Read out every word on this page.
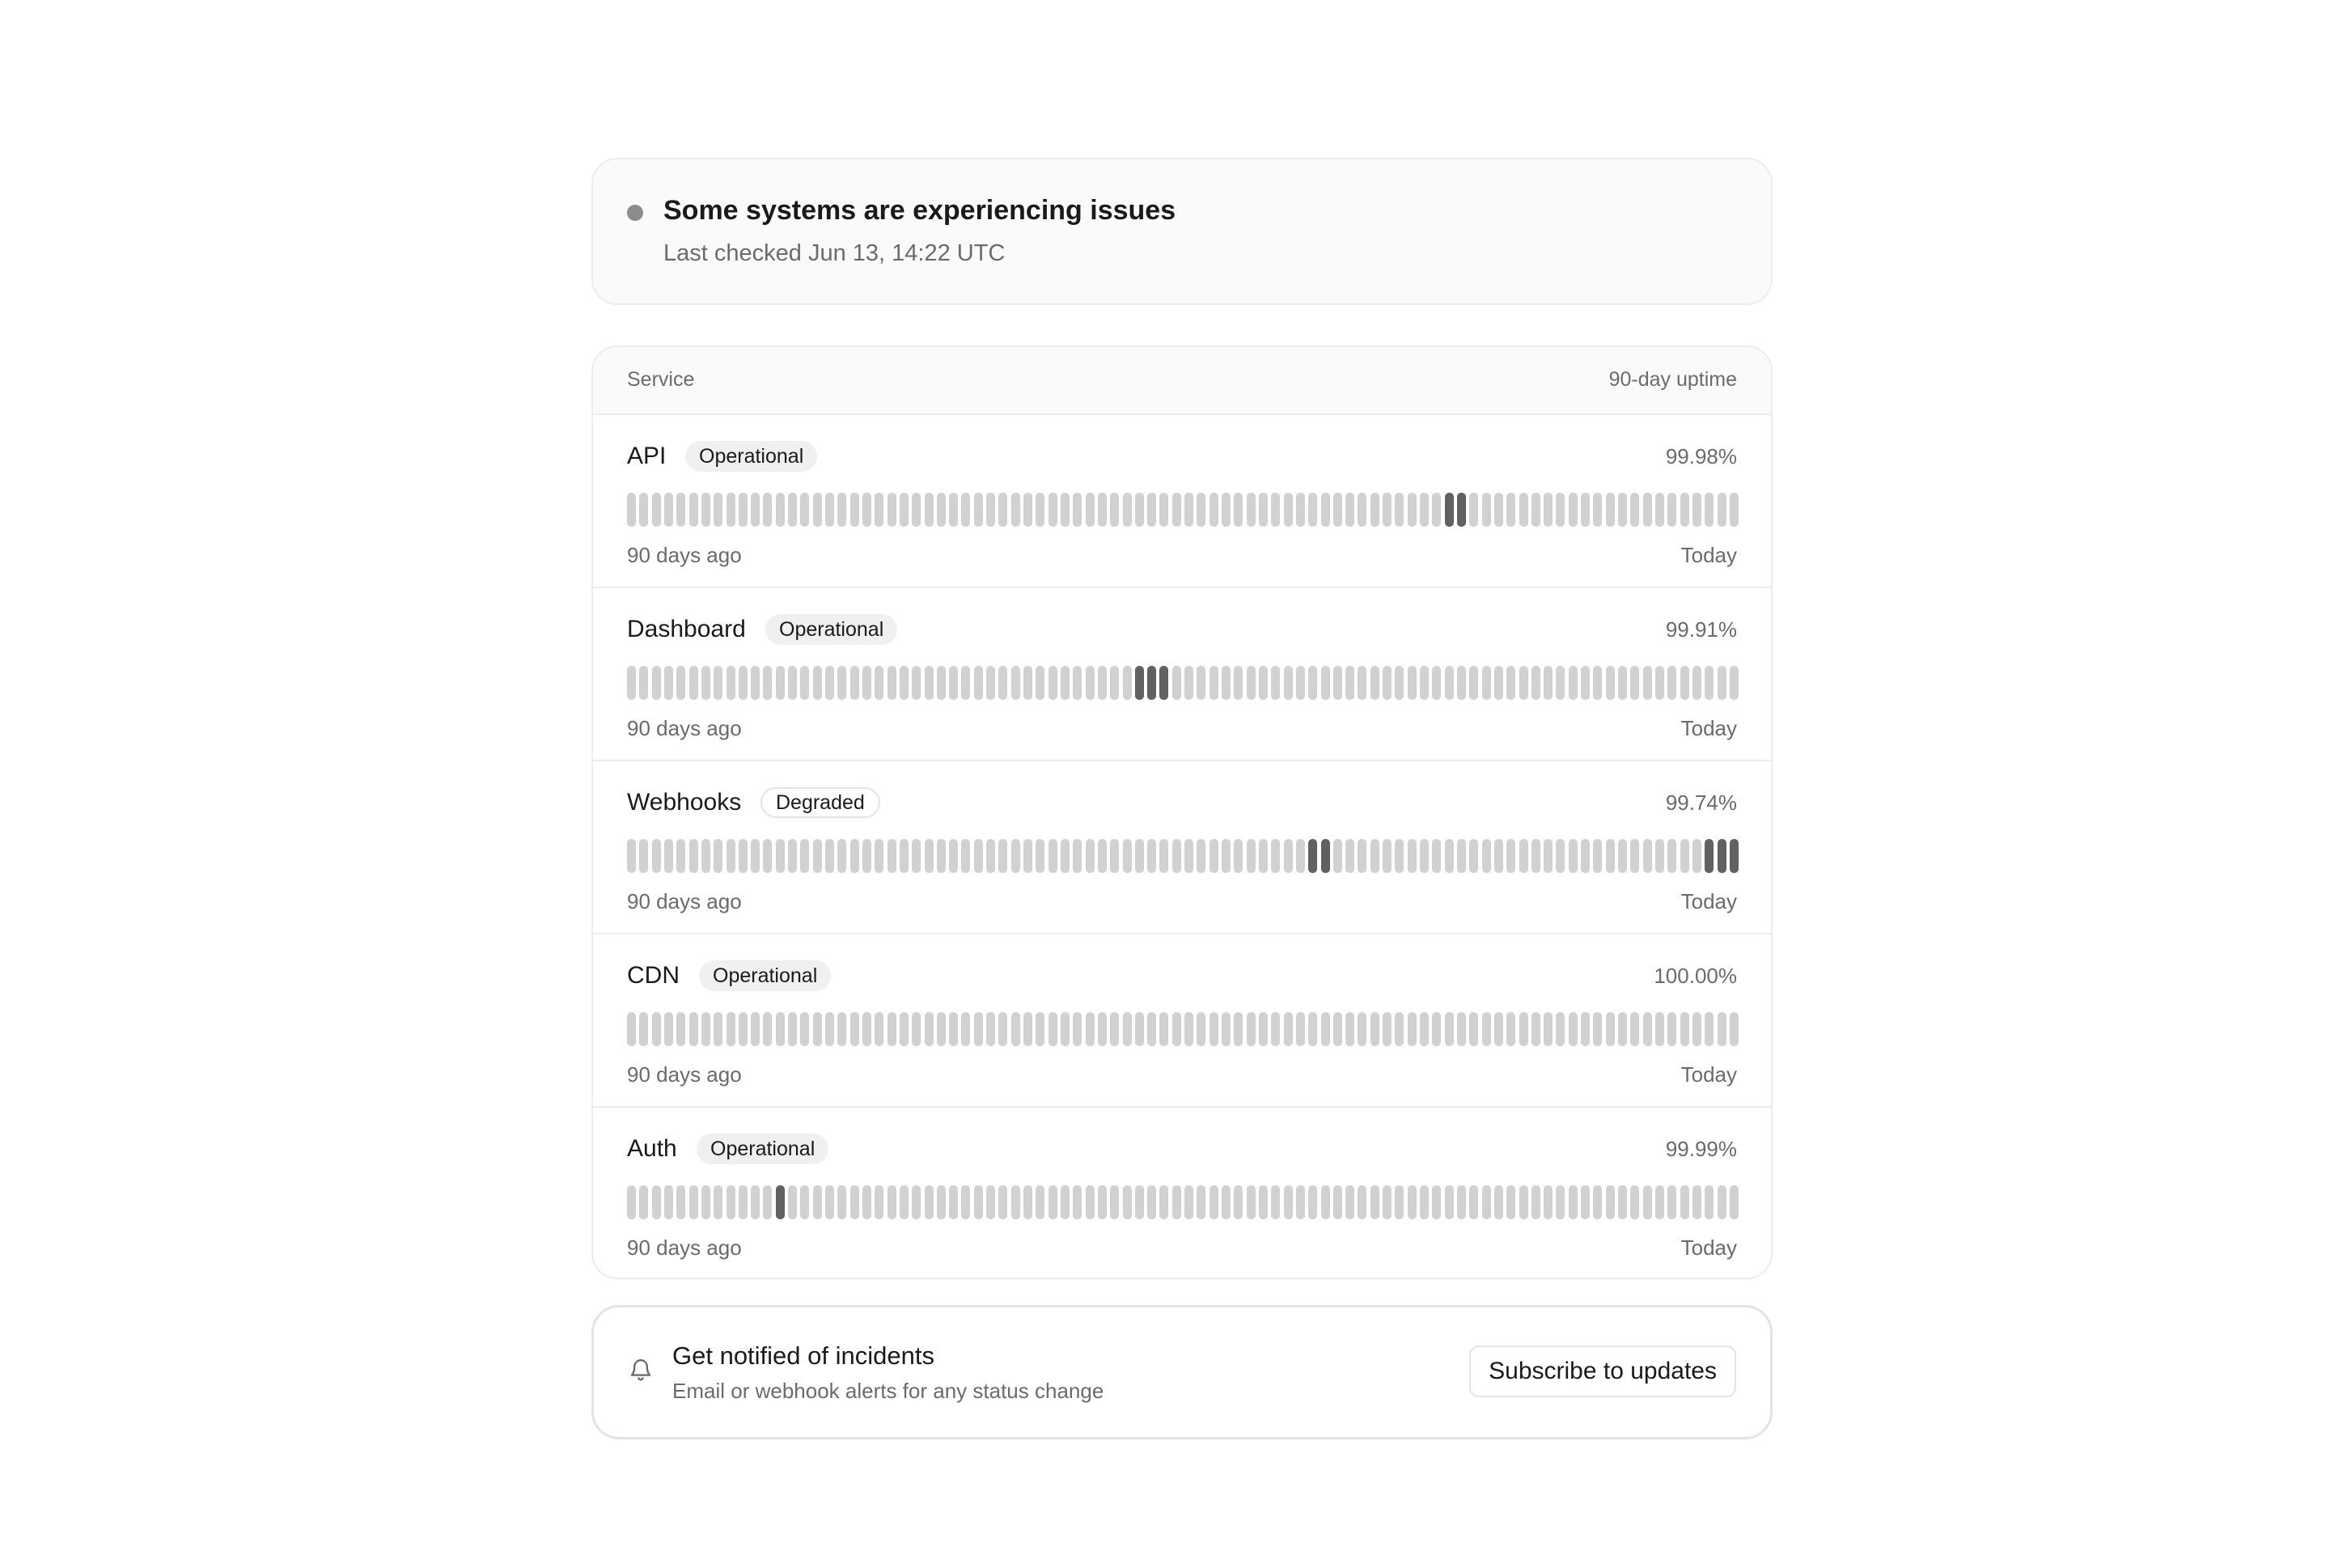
Some systems are experiencing issues
Last checked Jun 13, 14:22 UTC
Service	90-day uptime
API	Operational	99.98%
90 days ago	Today
Dashboard	Operational	99.91%
90 days ago	Today
Webhooks	Degraded	99.74%
90 days ago	Today
CDN	Operational	100.00%
90 days ago	Today
Auth	Operational	99.99%
90 days ago	Today
Get notified of incidents
Email or webhook alerts for any status change
Subscribe to updates
